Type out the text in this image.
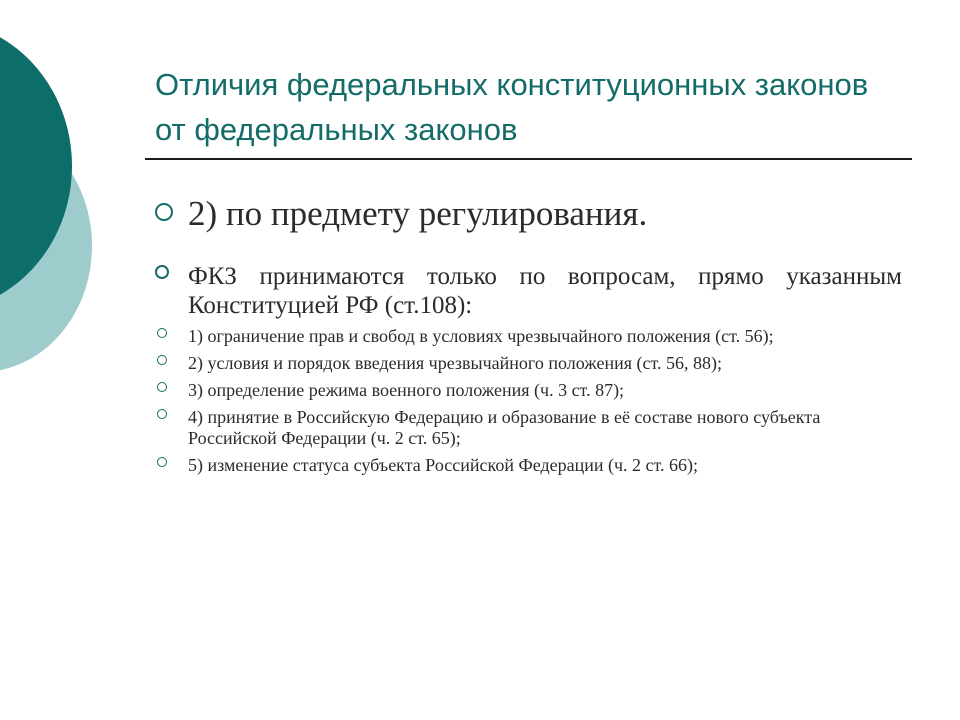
Отличия федеральных конституционных законов от федеральных законов
2) по предмету регулирования.
ФКЗ принимаются только по вопросам, прямо указанным Конституцией РФ (ст.108):
1) ограничение прав и свобод в условиях чрезвычайного положения (ст. 56);
2) условия и порядок введения чрезвычайного положения (ст. 56, 88);
3) определение режима военного положения (ч. 3 ст. 87);
4) принятие в Российскую Федерацию и образование в её составе нового субъекта Российской Федерации (ч. 2 ст. 65);
5) изменение статуса субъекта Российской Федерации (ч. 2 ст. 66);
